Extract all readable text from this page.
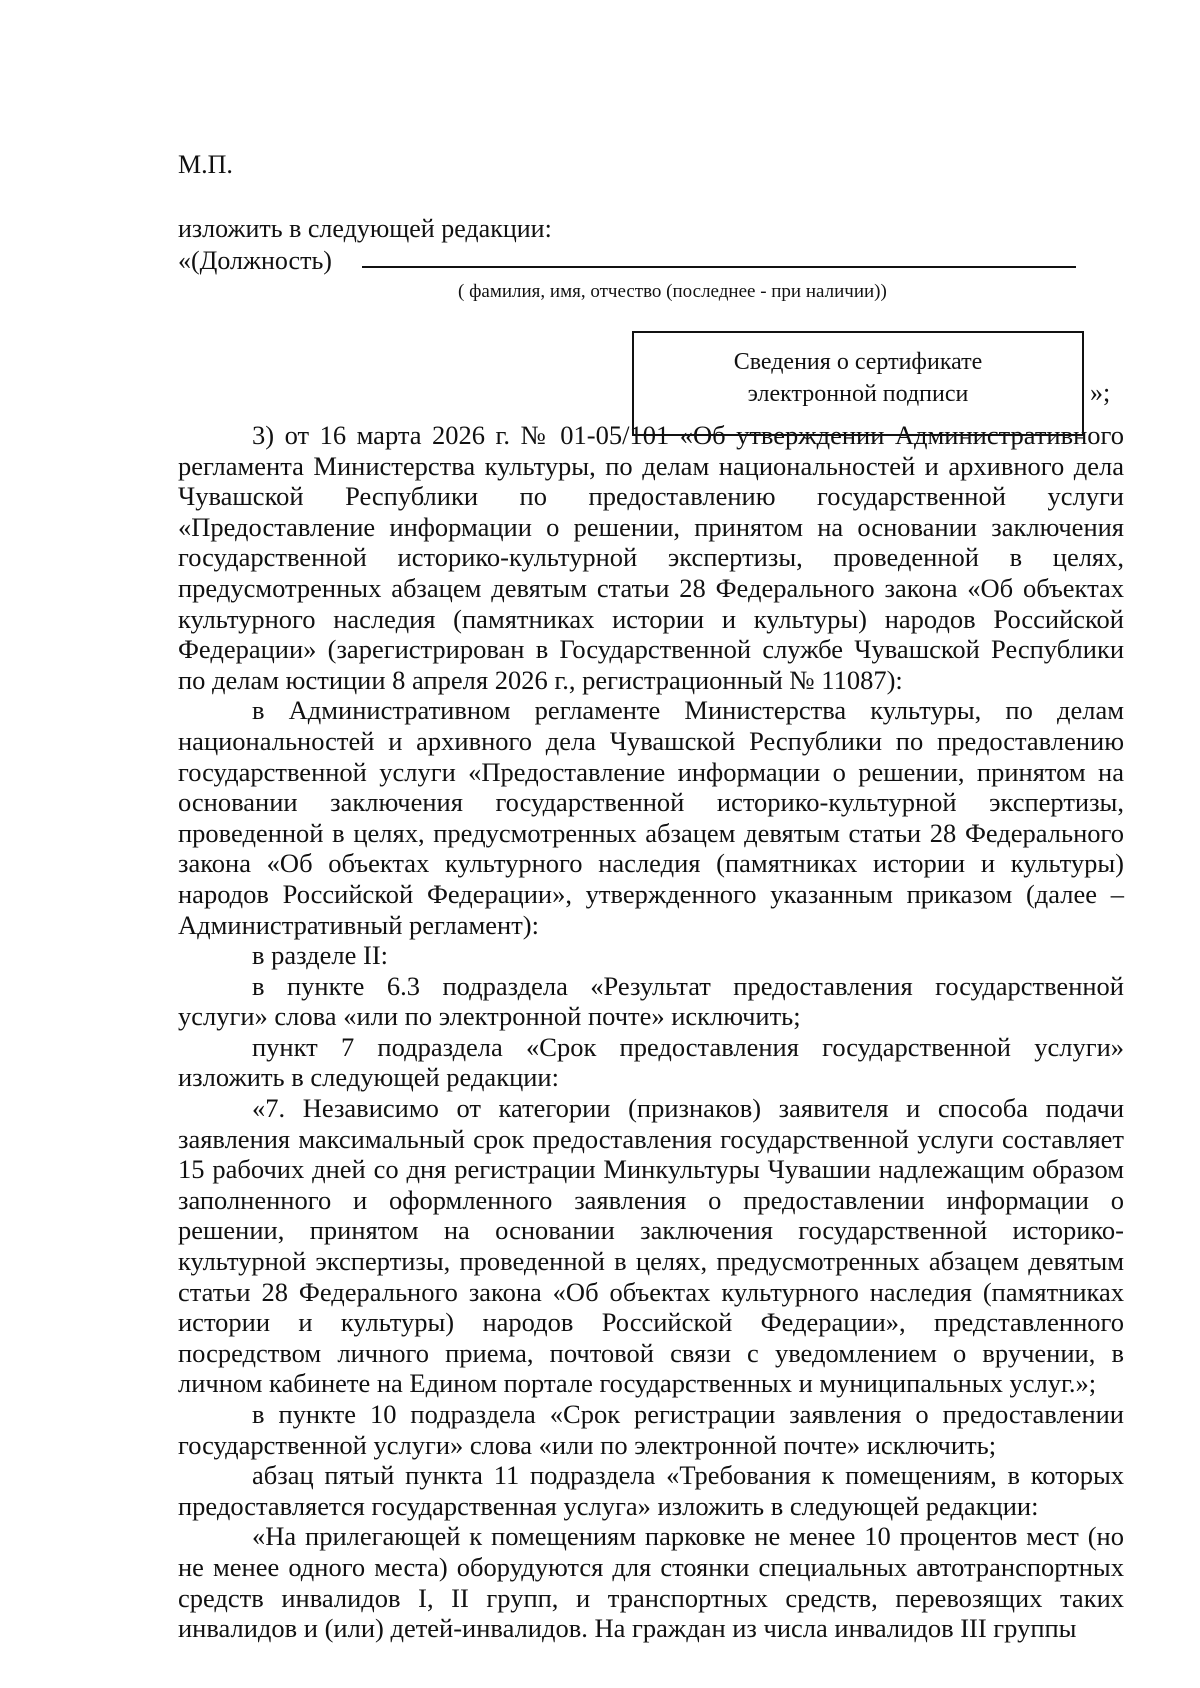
М.П.
изложить в следующей редакции:
«(Должность)
( фамилия, имя, отчество (последнее - при наличии))
Сведения о сертификате
электронной подписи	»;

3) от 16 марта 2026 г. № 01-05/101 «Об утверждении Административного регламента Министерства культуры, по делам национальностей и архивного дела Чувашской Республики по предоставлению государственной услуги «Предоставление информации о решении, принятом на основании заключения государственной историко-культурной экспертизы, проведенной в целях, предусмотренных абзацем девятым статьи 28 Федерального закона «Об объектах культурного наследия (памятниках истории и культуры) народов Российской Федерации» (зарегистрирован в Государственной службе Чувашской Республики по делам юстиции 8 апреля 2026 г., регистрационный № 11087):

в Административном регламенте Министерства культуры, по делам национальностей и архивного дела Чувашской Республики по предоставлению государственной услуги «Предоставление информации о решении, принятом на основании заключения государственной историко-культурной экспертизы, проведенной в целях, предусмотренных абзацем девятым статьи 28 Федерального закона «Об объектах культурного наследия (памятниках истории и культуры) народов Российской Федерации», утвержденного указанным приказом (далее – Административный регламент):

в разделе II:

в пункте 6.3 подраздела «Результат предоставления государственной услуги» слова «или по электронной почте» исключить;

пункт 7 подраздела «Срок предоставления государственной услуги» изложить в следующей редакции:

«7. Независимо от категории (признаков) заявителя и способа подачи заявления максимальный срок предоставления государственной услуги составляет 15 рабочих дней со дня регистрации Минкультуры Чувашии надлежащим образом заполненного и оформленного заявления о предоставлении информации о решении, принятом на основании заключения государственной историко-культурной экспертизы, проведенной в целях, предусмотренных абзацем девятым статьи 28 Федерального закона «Об объектах культурного наследия (памятниках истории и культуры) народов Российской Федерации», представленного посредством личного приема, почтовой связи с уведомлением о вручении, в личном кабинете на Едином портале государственных и муниципальных услуг.»;

в пункте 10 подраздела «Срок регистрации заявления о предоставлении государственной услуги» слова «или по электронной почте» исключить;

абзац пятый пункта 11 подраздела «Требования к помещениям, в которых предоставляется государственная услуга» изложить в следующей редакции:

«На прилегающей к помещениям парковке не менее 10 процентов мест (но не менее одного места) оборудуются для стоянки специальных автотранспортных средств инвалидов I, II групп, и транспортных средств, перевозящих таких инвалидов и (или) детей-инвалидов. На граждан из числа инвалидов III группы
